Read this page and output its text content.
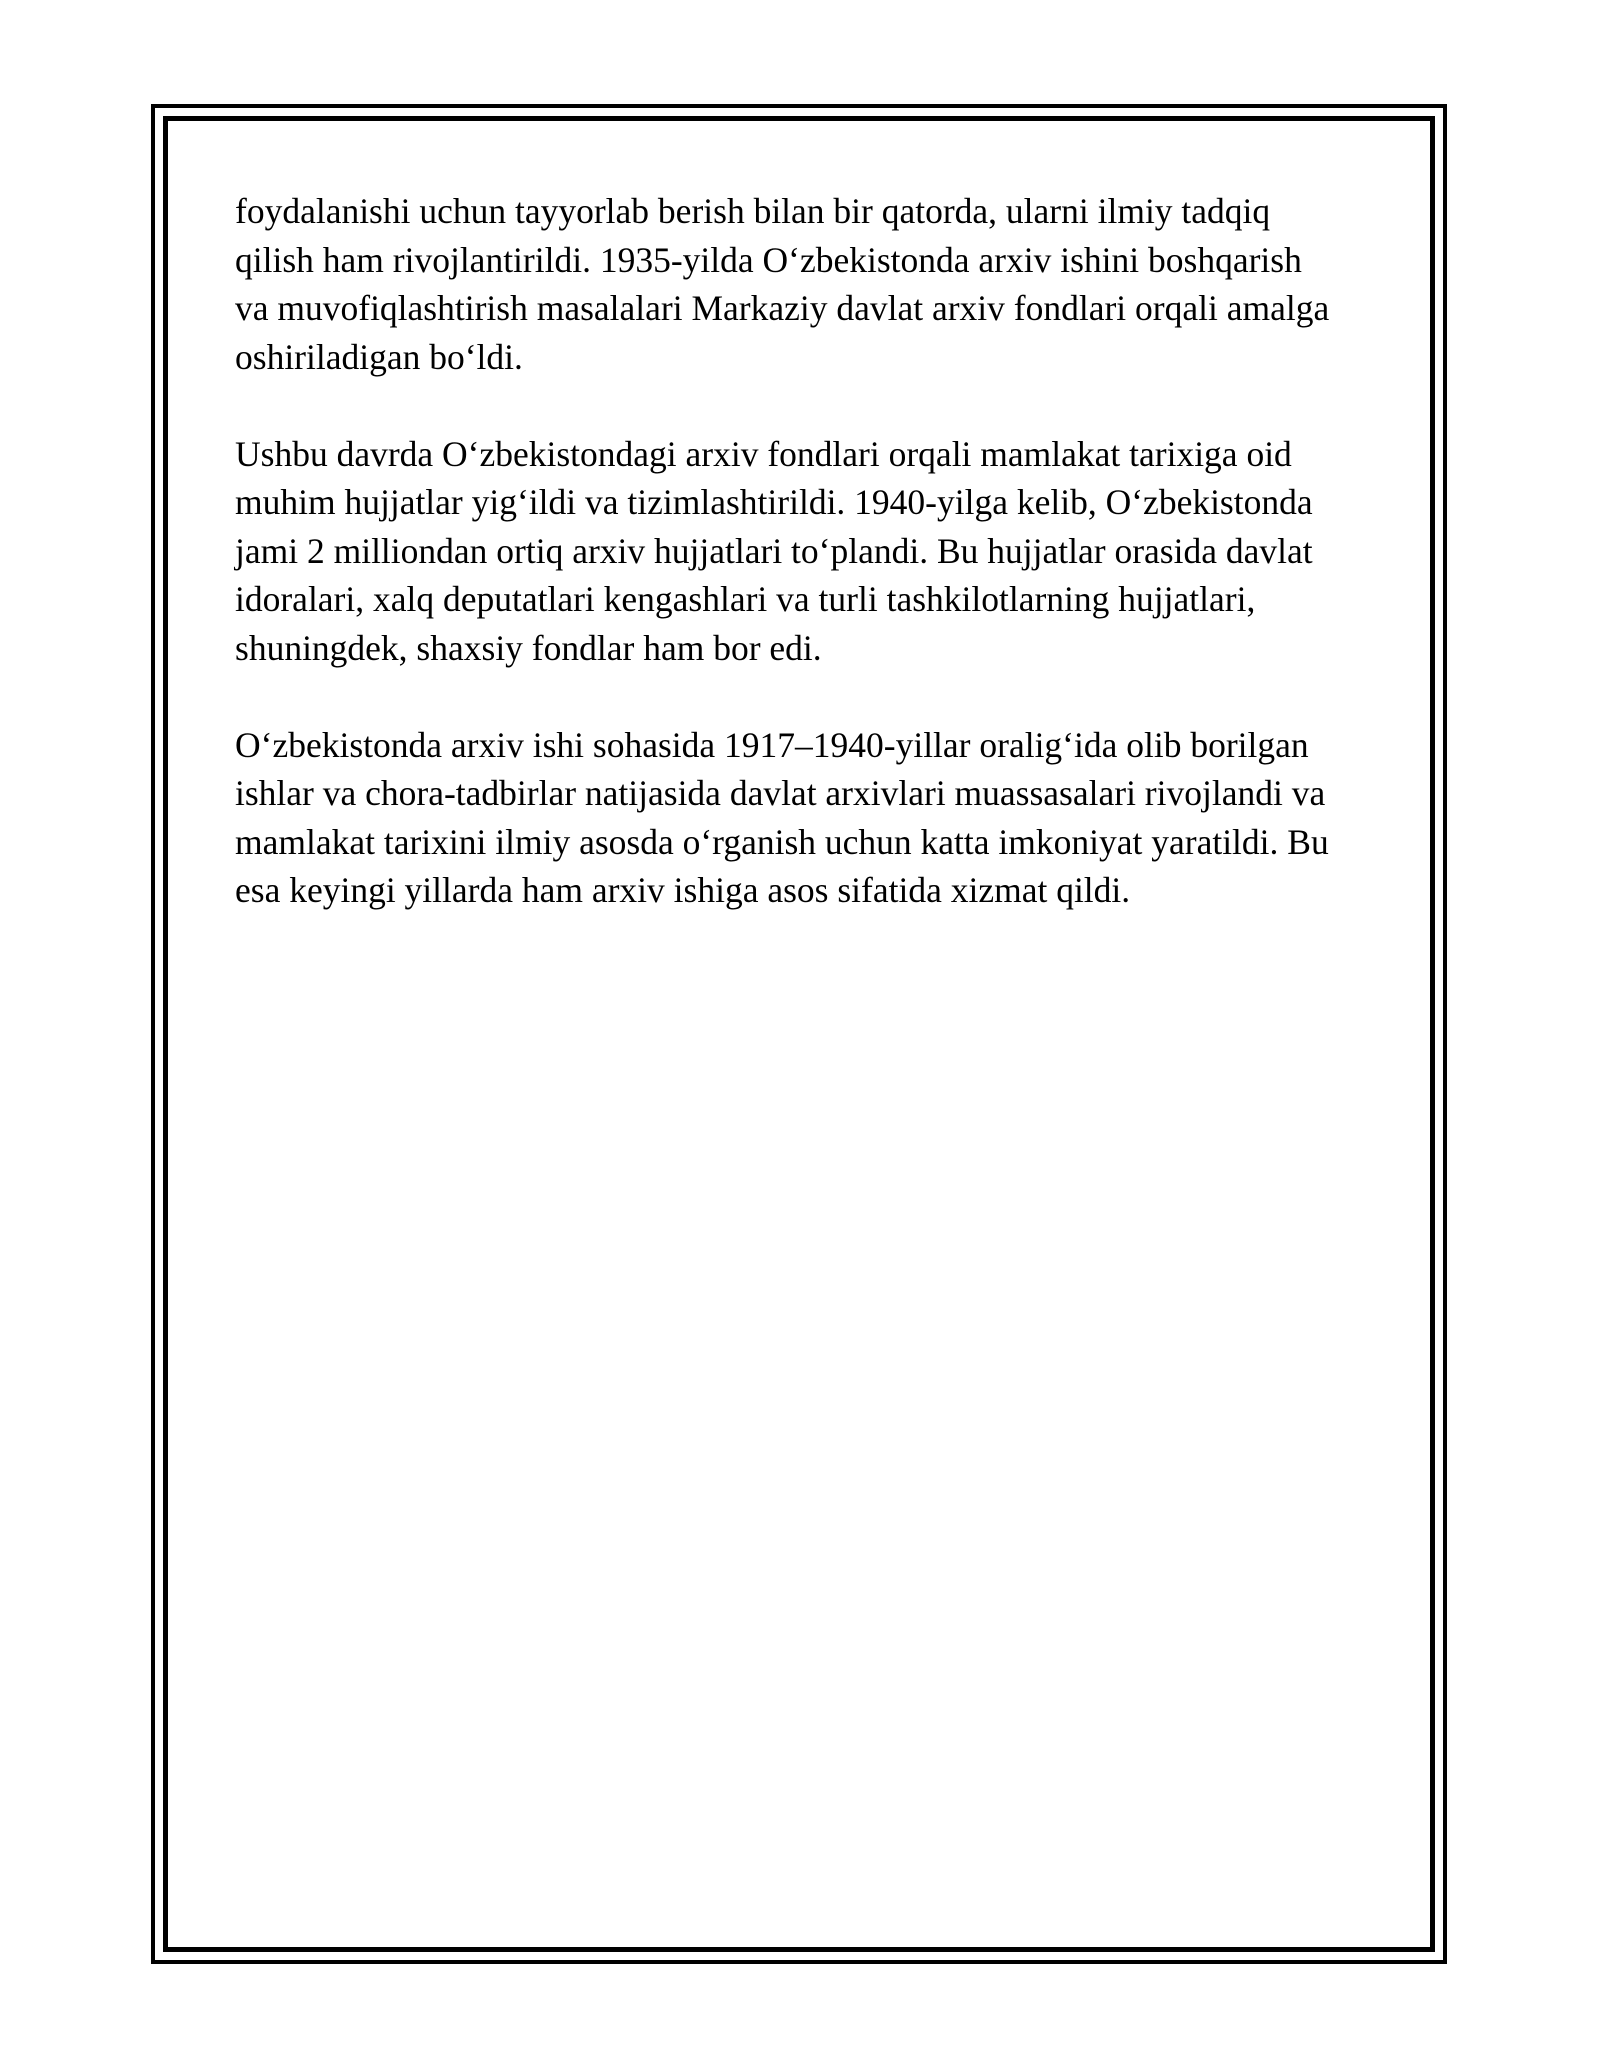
foydalanishi uchun tayyorlab berish bilan bir qatorda, ularni ilmiy tadqiq
qilish ham rivojlantirildi. 1935-yilda O‘zbekistonda arxiv ishini boshqarish
va muvofiqlashtirish masalalari Markaziy davlat arxiv fondlari orqali amalga
oshiriladigan bo‘ldi.

Ushbu davrda O‘zbekistondagi arxiv fondlari orqali mamlakat tarixiga oid
muhim hujjatlar yig‘ildi va tizimlashtirildi. 1940-yilga kelib, O‘zbekistonda
jami 2 milliondan ortiq arxiv hujjatlari to‘plandi. Bu hujjatlar orasida davlat
idoralari, xalq deputatlari kengashlari va turli tashkilotlarning hujjatlari,
shuningdek, shaxsiy fondlar ham bor edi.

O‘zbekistonda arxiv ishi sohasida 1917–1940-yillar oralig‘ida olib borilgan
ishlar va chora-tadbirlar natijasida davlat arxivlari muassasalari rivojlandi va
mamlakat tarixini ilmiy asosda o‘rganish uchun katta imkoniyat yaratildi. Bu
esa keyingi yillarda ham arxiv ishiga asos sifatida xizmat qildi.
